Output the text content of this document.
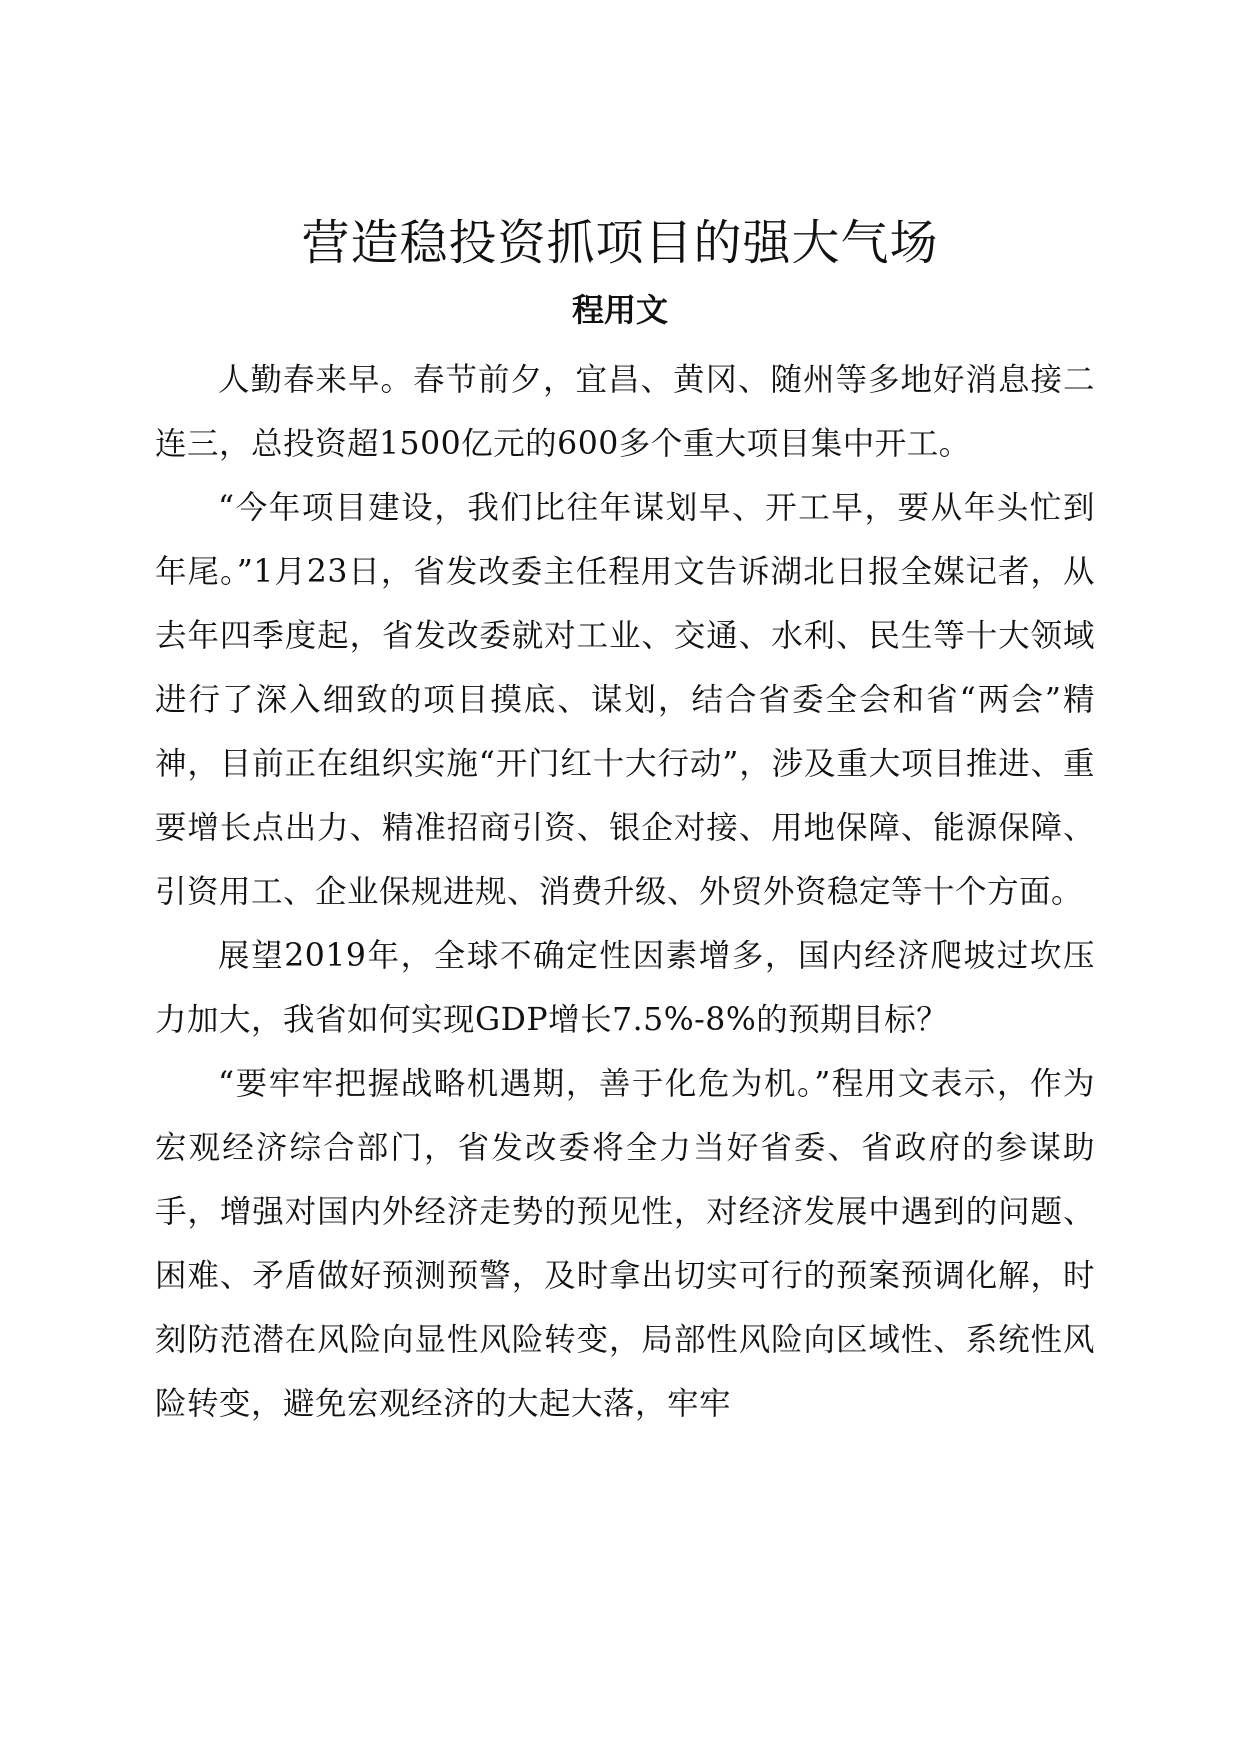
营造稳投资抓项目的强大气场
程用文

人勤春来早。春节前夕，宜昌、黄冈、随州等多地好消息接二连三，总投资超1500亿元的600多个重大项目集中开工。

“今年项目建设，我们比往年谋划早、开工早，要从年头忙到年尾。”1月23日，省发改委主任程用文告诉湖北日报全媒记者，从去年四季度起，省发改委就对工业、交通、水利、民生等十大领域进行了深入细致的项目摸底、谋划，结合省委全会和省“两会”精神，目前正在组织实施“开门红十大行动”，涉及重大项目推进、重要增长点出力、精准招商引资、银企对接、用地保障、能源保障、引资用工、企业保规进规、消费升级、外贸外资稳定等十个方面。

展望2019年，全球不确定性因素增多，国内经济爬坡过坎压力加大，我省如何实现GDP增长7.5%-8%的预期目标？

“要牢牢把握战略机遇期，善于化危为机。”程用文表示，作为宏观经济综合部门，省发改委将全力当好省委、省政府的参谋助手，增强对国内外经济走势的预见性，对经济发展中遇到的问题、困难、矛盾做好预测预警，及时拿出切实可行的预案预调化解，时刻防范潜在风险向显性风险转变，局部性风险向区域性、系统性风险转变，避免宏观经济的大起大落，牢牢
